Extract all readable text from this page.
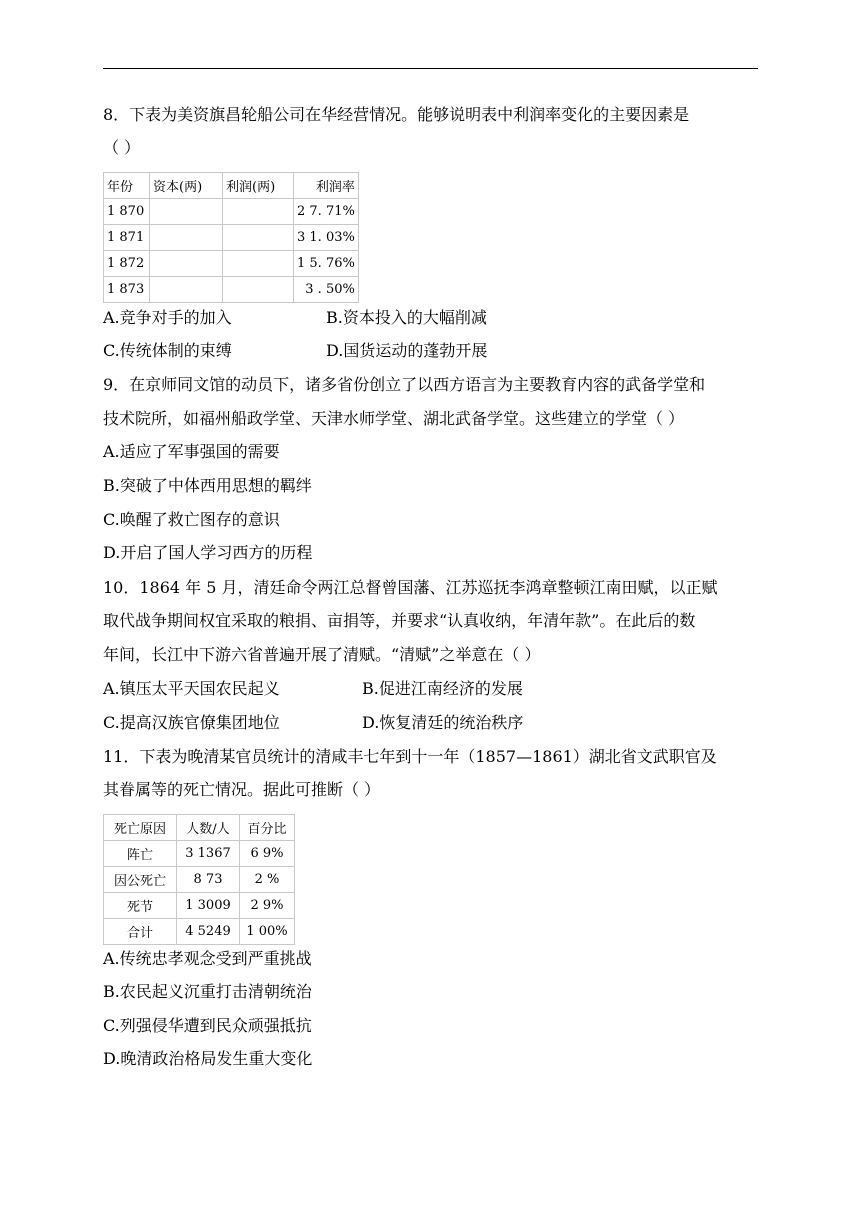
8．下表为美资旗昌轮船公司在华经营情况。能够说明表中利润率变化的主要因素是
（ ）
年份	资本(两)	利润(两)	利润率
1 870			2 7. 71%
1 871			3 1. 03%
1 872			1 5. 76%
1 873			3 . 50%
A.竞争对手的加入	B.资本投入的大幅削减
C.传统体制的束缚	D.国货运动的蓬勃开展
9．在京师同文馆的动员下，诸多省份创立了以西方语言为主要教育内容的武备学堂和
技术院所，如福州船政学堂、天津水师学堂、湖北武备学堂。这些建立的学堂（ ）
A.适应了军事强国的需要
B.突破了中体西用思想的羁绊
C.唤醒了救亡图存的意识
D.开启了国人学习西方的历程
10．1864 年 5 月，清廷命令两江总督曾国藩、江苏巡抚李鸿章整顿江南田赋，以正赋
取代战争期间权宜采取的粮捐、亩捐等，并要求“认真收纳，年清年款”。在此后的数
年间，长江中下游六省普遍开展了清赋。“清赋”之举意在（ ）
A.镇压太平天国农民起义	B.促进江南经济的发展
C.提高汉族官僚集团地位	D.恢复清廷的统治秩序
11．下表为晚清某官员统计的清咸丰七年到十一年（1857—1861）湖北省文武职官及
其眷属等的死亡情况。据此可推断（ ）
死亡原因	人数/人	百分比
阵亡	3 1367	6 9%
因公死亡	8 73	2 %
死节	1 3009	2 9%
合计	4 5249	1 00%
A.传统忠孝观念受到严重挑战
B.农民起义沉重打击清朝统治
C.列强侵华遭到民众顽强抵抗
D.晚清政治格局发生重大变化
